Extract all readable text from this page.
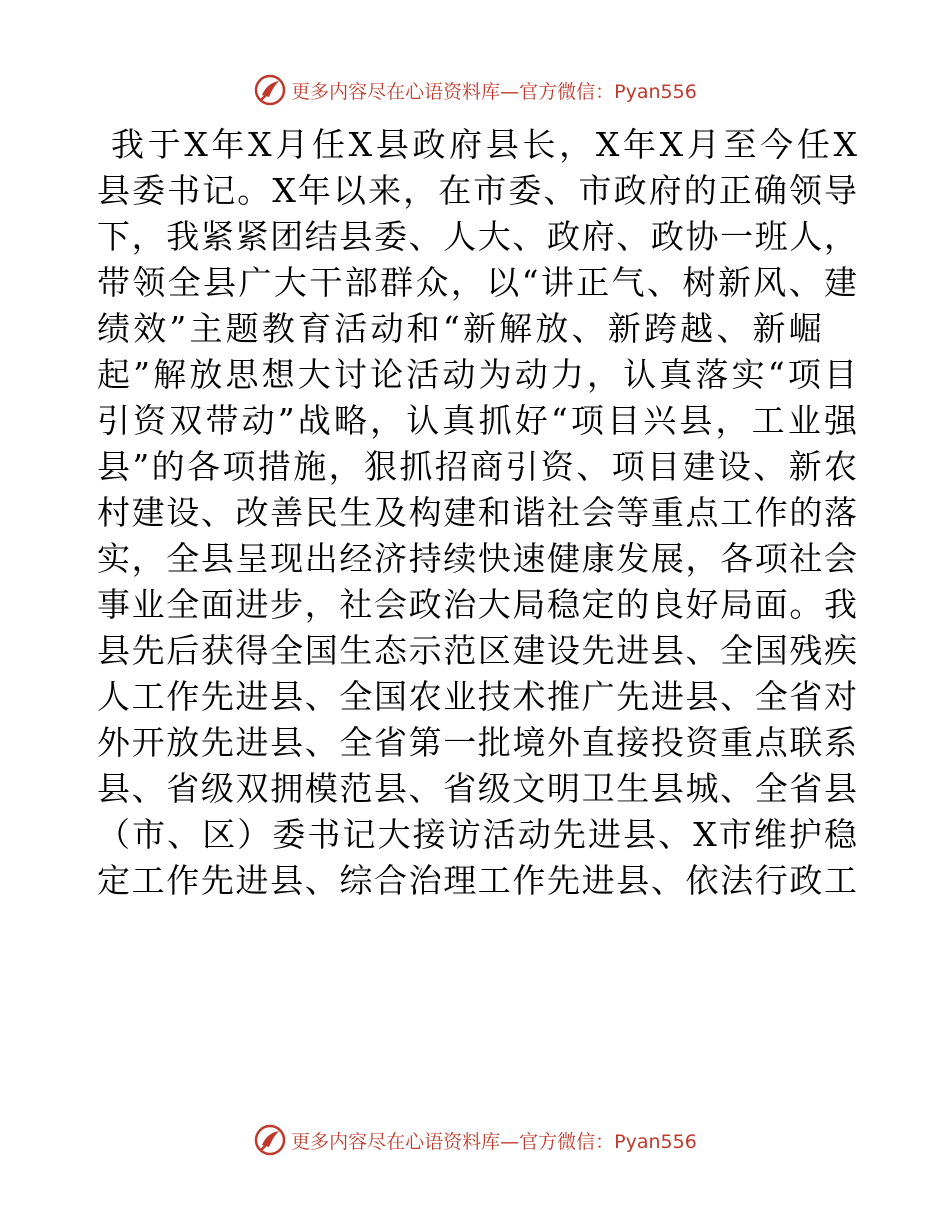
更多内容尽在心语资料库—官方微信：Pyan556
我于X年X月任X县政府县长，X年X月至今任X
县委书记。X年以来，在市委、市政府的正确领导
下，我紧紧团结县委、人大、政府、政协一班人，
带领全县广大干部群众，以“讲正气、树新风、建
绩效”主题教育活动和“新解放、新跨越、新崛
起”解放思想大讨论活动为动力，认真落实“项目
引资双带动”战略，认真抓好“项目兴县，工业强
县”的各项措施，狠抓招商引资、项目建设、新农
村建设、改善民生及构建和谐社会等重点工作的落
实，全县呈现出经济持续快速健康发展，各项社会
事业全面进步，社会政治大局稳定的良好局面。我
县先后获得全国生态示范区建设先进县、全国残疾
人工作先进县、全国农业技术推广先进县、全省对
外开放先进县、全省第一批境外直接投资重点联系
县、省级双拥模范县、省级文明卫生县城、全省县
（市、区）委书记大接访活动先进县、X市维护稳
定工作先进县、综合治理工作先进县、依法行政工
更多内容尽在心语资料库—官方微信：Pyan556
